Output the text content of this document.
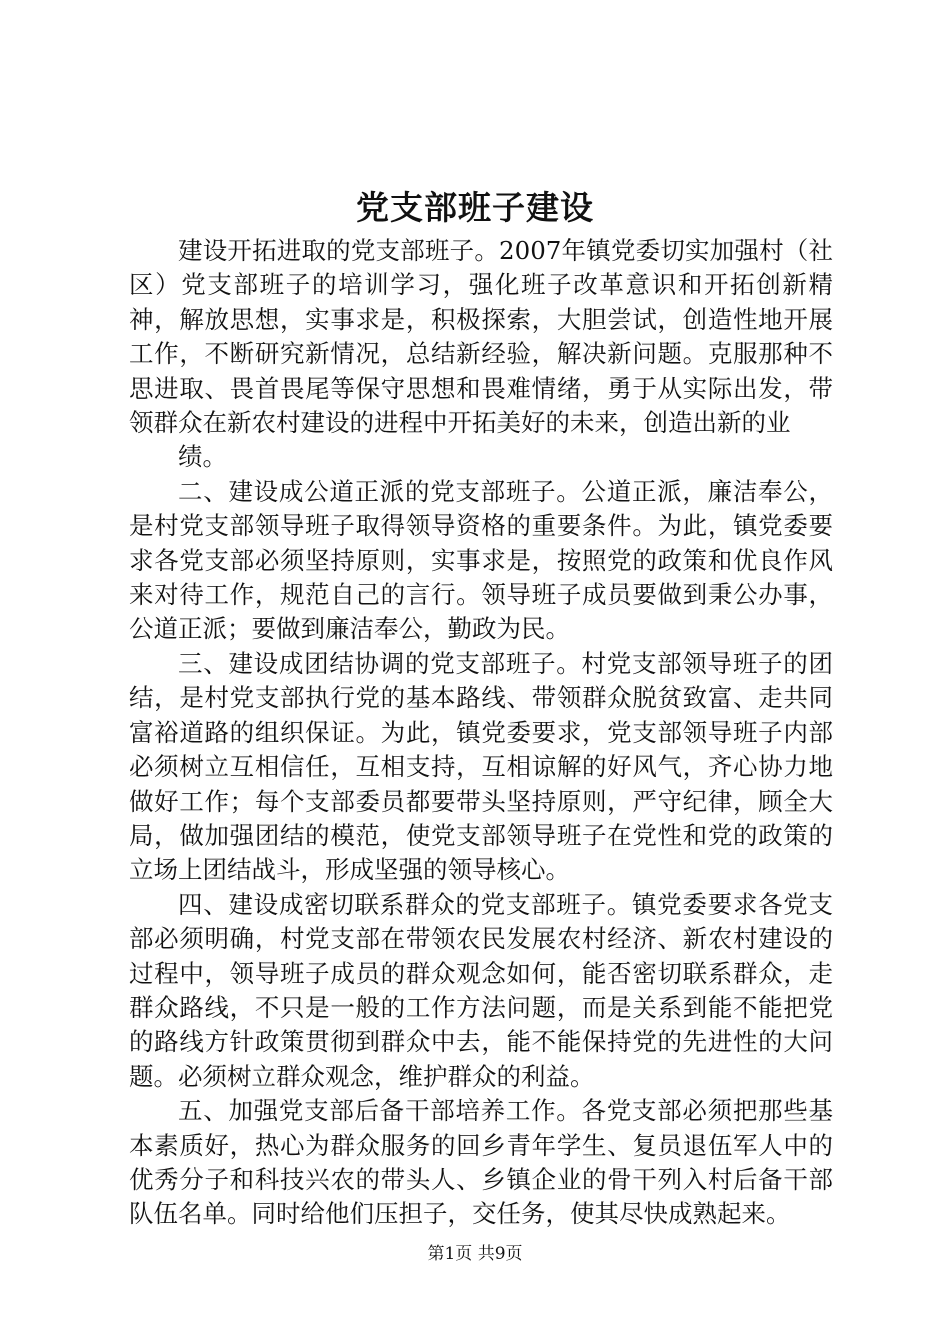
党支部班子建设

建设开拓进取的党支部班子。2007年镇党委切实加强村（社区）党支部班子的培训学习，强化班子改革意识和开拓创新精神，解放思想，实事求是，积极探索，大胆尝试，创造性地开展工作，不断研究新情况，总结新经验，解决新问题。克服那种不思进取、畏首畏尾等保守思想和畏难情绪，勇于从实际出发，带领群众在新农村建设的进程中开拓美好的未来，创造出新的业

绩。

二、建设成公道正派的党支部班子。公道正派，廉洁奉公，是村党支部领导班子取得领导资格的重要条件。为此，镇党委要求各党支部必须坚持原则，实事求是，按照党的政策和优良作风来对待工作，规范自己的言行。领导班子成员要做到秉公办事，公道正派；要做到廉洁奉公，勤政为民。

三、建设成团结协调的党支部班子。村党支部领导班子的团结，是村党支部执行党的基本路线、带领群众脱贫致富、走共同富裕道路的组织保证。为此，镇党委要求，党支部领导班子内部必须树立互相信任，互相支持，互相谅解的好风气，齐心协力地做好工作；每个支部委员都要带头坚持原则，严守纪律，顾全大局，做加强团结的模范，使党支部领导班子在党性和党的政策的立场上团结战斗，形成坚强的领导核心。

四、建设成密切联系群众的党支部班子。镇党委要求各党支部必须明确，村党支部在带领农民发展农村经济、新农村建设的过程中，领导班子成员的群众观念如何，能否密切联系群众，走群众路线，不只是一般的工作方法问题，而是关系到能不能把党的路线方针政策贯彻到群众中去，能不能保持党的先进性的大问题。必须树立群众观念，维护群众的利益。

五、加强党支部后备干部培养工作。各党支部必须把那些基本素质好，热心为群众服务的回乡青年学生、复员退伍军人中的优秀分子和科技兴农的带头人、乡镇企业的骨干列入村后备干部队伍名单。同时给他们压担子，交任务，使其尽快成熟起来。

第1页 共9页
